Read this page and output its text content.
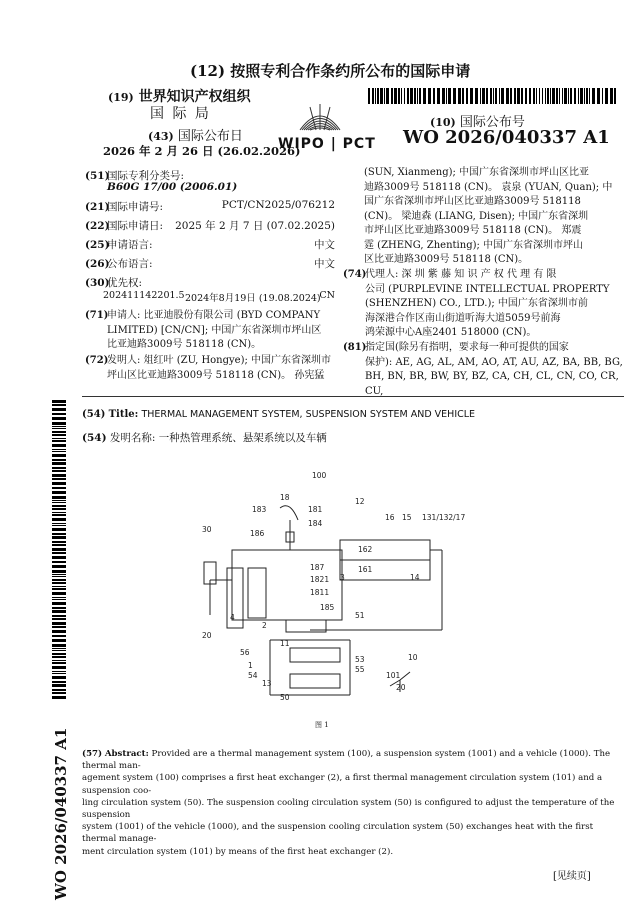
(12) 按照专利合作条约所公布的国际申请
(19) 世界知识产权组织
国 际 局
(43) 国际公布日
2026 年 2 月 26 日 (26.02.2026)
WIPO | PCT
(10) 国际公布号
WO 2026/040337 A1
(51)国际专利分类号:
B60G 17/00 (2006.01)
(21)国际申请号:	PCT/CN2025/076212
(22)国际申请日: 2025 年 2 月 7 日 (07.02.2025)
(25)申请语言:	中文
(26)公布语言:	中文
(30)优先权:
202411142201.5 2024年8月19日 (19.08.2024)
CN
(71)申请人: 比亚迪股份有限公司 (BYD COMPANY
LIMITED) [CN/CN]; 中国广东省深圳市坪山区
比亚迪路3009号 518118 (CN)。
(72)发明人: 俎红叶 (ZU, Hongye); 中国广东省深圳市
坪山区比亚迪路3009号 518118 (CN)。 孙宪猛
(SUN, Xianmeng); 中国广东省深圳市坪山区比亚
迪路3009号 518118 (CN)。 袁泉 (YUAN, Quan); 中
国广东省深圳市坪山区比亚迪路3009号 518118
(CN)。 梁迪森 (LIANG, Disen); 中国广东省深圳
市坪山区比亚迪路3009号 518118 (CN)。 郑震
霆 (ZHENG, Zhenting); 中国广东省深圳市坪山
区比亚迪路3009号 518118 (CN)。
(74)代理人: 深 圳 紫 藤 知 识 产 权 代 理 有 限
公司 (PURPLEVINE INTELLECTUAL PROPERTY
(SHENZHEN) CO., LTD.); 中国广东省深圳市前
海深港合作区南山街道听海大道5059号前海
鸿荣源中心A座2401 518000 (CN)。
(81)指定国(除另有指明，要求每一种可提供的国家
保护): AE, AG, AL, AM, AO, AT, AU, AZ, BA, BB, BG,
BH, BN, BR, BW, BY, BZ, CA, CH, CL, CN, CO, CR, CU,
(54) Title: THERMAL MANAGEMENT SYSTEM, SUSPENSION SYSTEM AND VEHICLE
(54) 发明名称: 一种热管理系统、悬架系统以及车辆
100
18
183	181
184
12
16 15 131/132/17
30	186
162
161
187
3
1821	14
1811
185
2
51
11
20
56
53
55
1
54
13
50
10
101
20
4
图 1
(57) Abstract: Provided are a thermal management system (100), a suspension system (1001) and a vehicle (1000). The thermal man-
agement system (100) comprises a first heat exchanger (2), a first thermal management circulation system (101) and a suspension coo-
ling circulation system (50). The suspension cooling circulation system (50) is configured to adjust the temperature of the suspension
system (1001) of the vehicle (1000), and the suspension cooling circulation system (50) exchanges heat with the first thermal manage-
ment circulation system (101) by means of the first heat exchanger (2).
WO 2026/040337 A1	[见续页]
